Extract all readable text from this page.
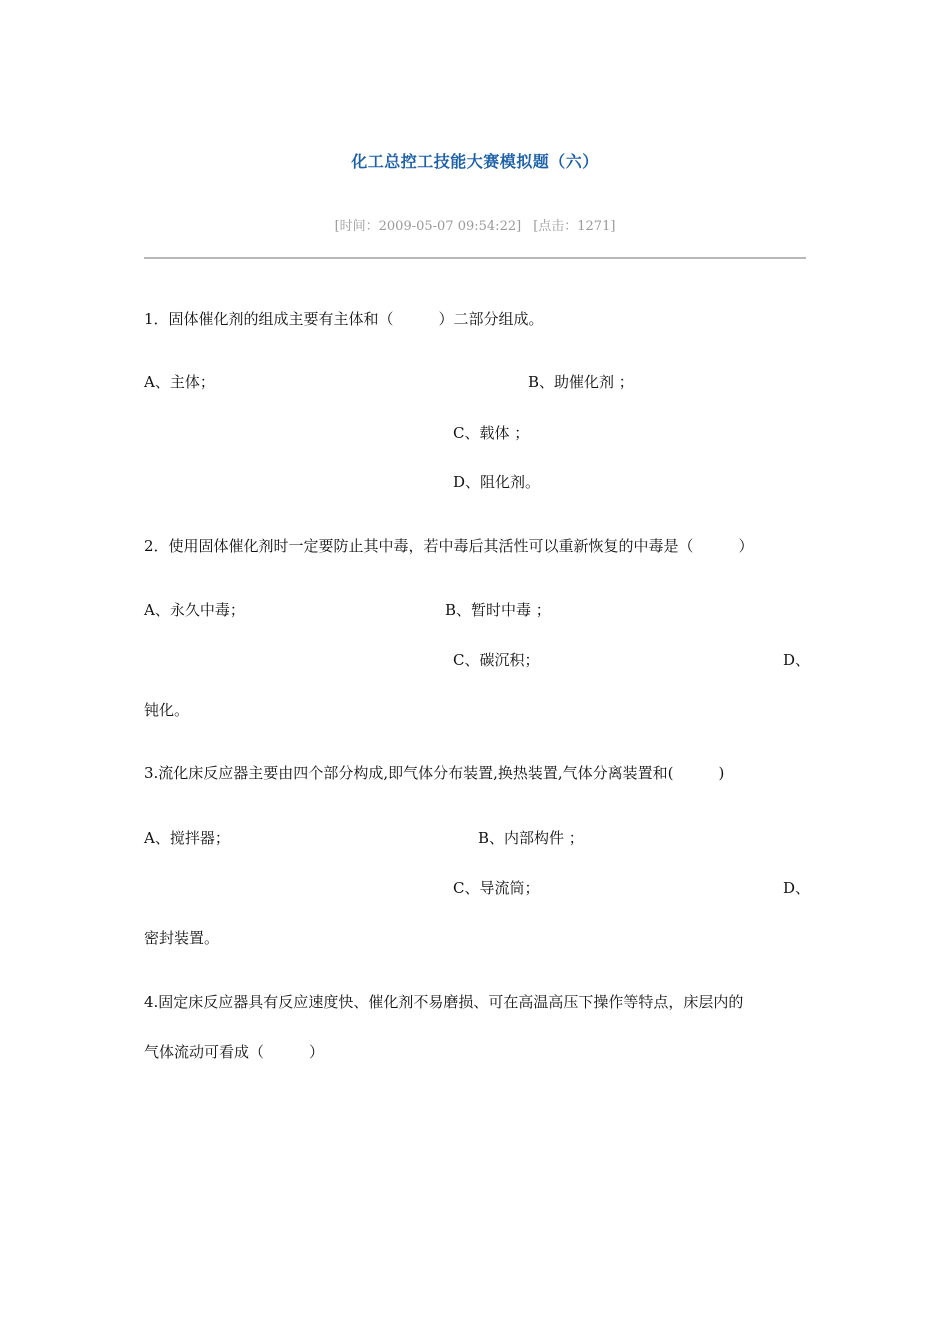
化工总控工技能大赛模拟题（六）
[时间：2009-05-07 09:54:22] [点击：1271]
1．固体催化剂的组成主要有主体和（　　　）二部分组成。
A、主体；	B、助催化剂 ；
C、载体 ；
D、阻化剂。
2．使用固体催化剂时一定要防止其中毒，若中毒后其活性可以重新恢复的中毒是（　　　）
A、永久中毒；	B、暂时中毒 ；
C、碳沉积；	D、
钝化。
3.流化床反应器主要由四个部分构成,即气体分布装置,换热装置,气体分离装置和(　　　)
A、搅拌器；	B、内部构件 ；
C、导流筒；	D、
密封装置。
4.固定床反应器具有反应速度快、催化剂不易磨损、可在高温高压下操作等特点，床层内的
气体流动可看成（　　　）
